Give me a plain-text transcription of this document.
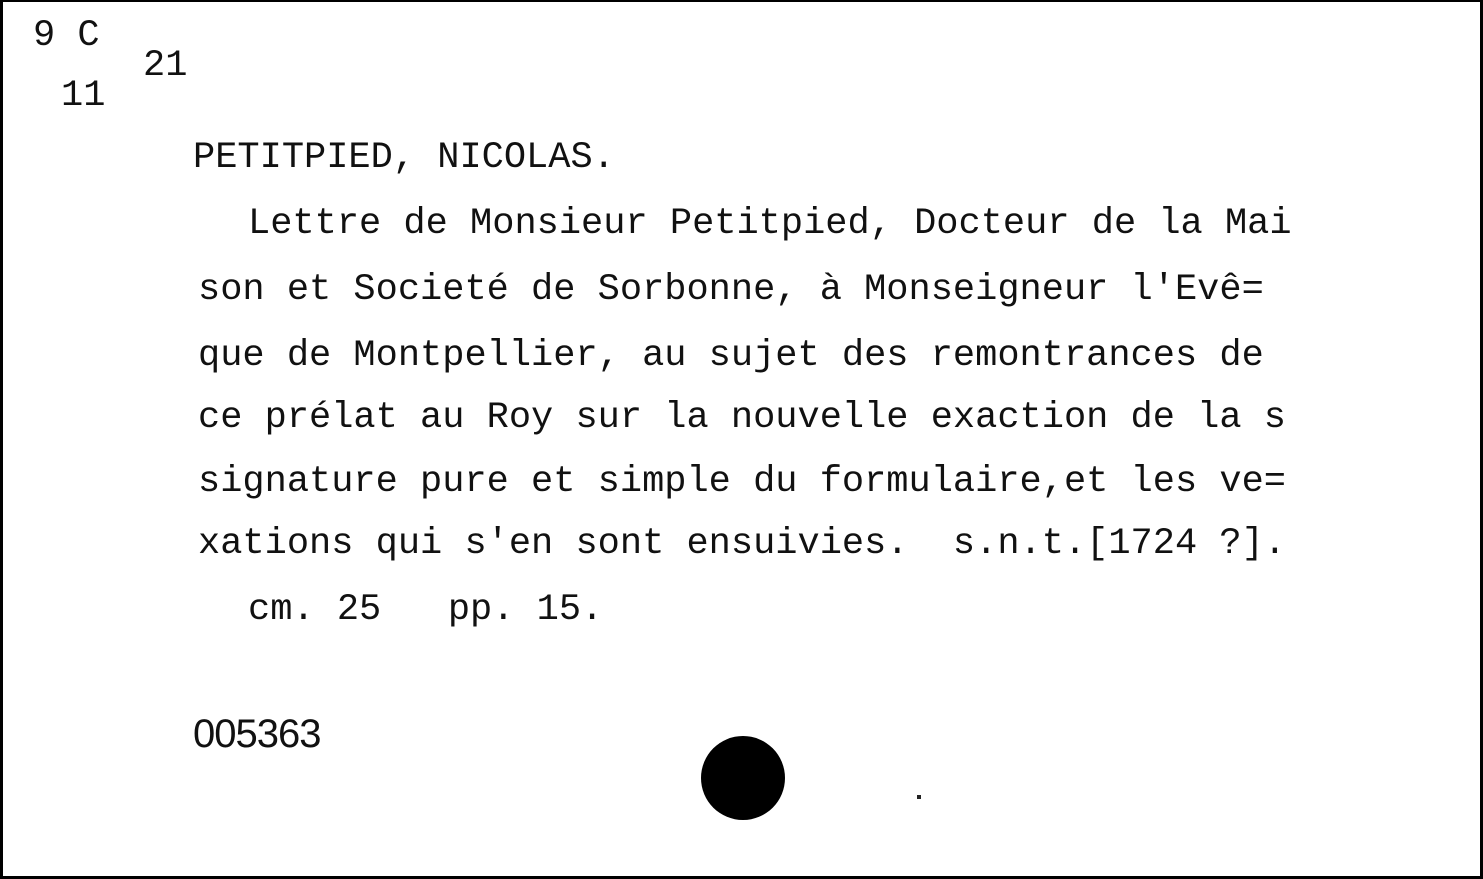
9 C
11
21
PETITPIED, NICOLAS.
Lettre de Monsieur Petitpied, Docteur de la Mai
son et Societé de Sorbonne, à Monseigneur l'Evê=
que de Montpellier, au sujet des remontrances de
ce prélat au Roy sur la nouvelle exaction de la s
signature pure et simple du formulaire,et les ve=
xations qui s'en sont ensuivies.  s.n.t.[1724 ?].
cm. 25   pp. 15.
005363
